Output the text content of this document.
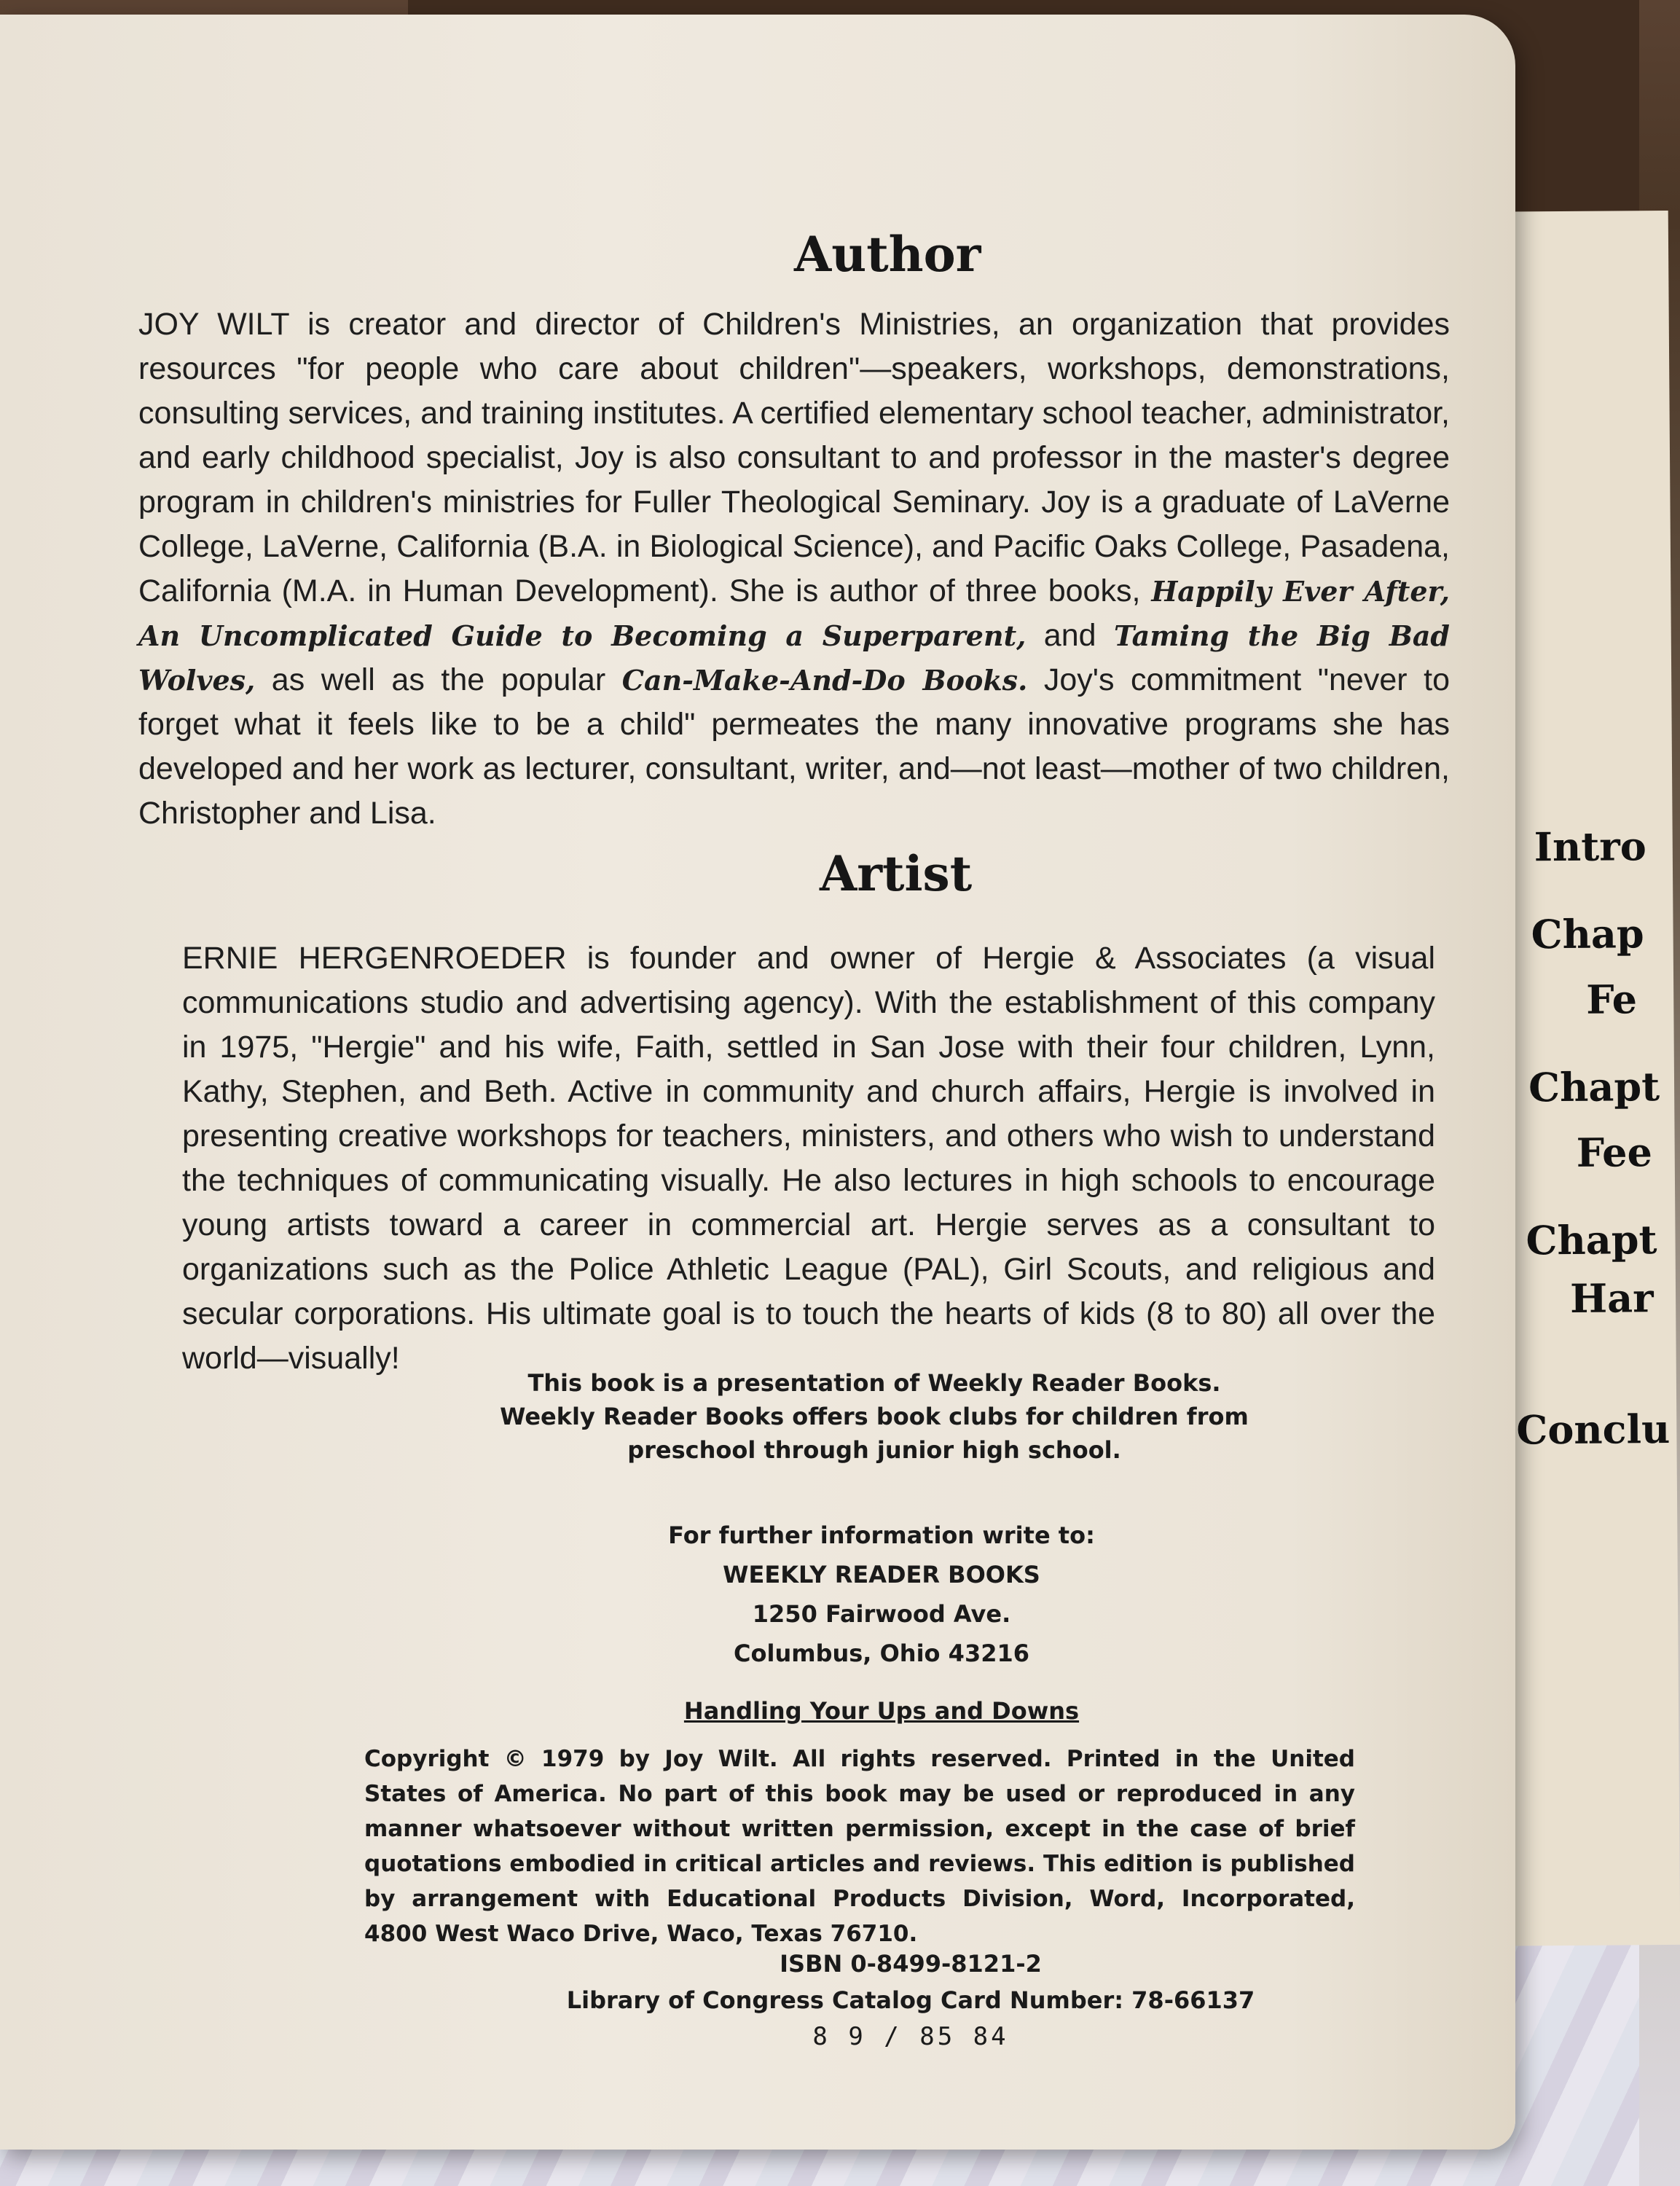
Intro
Chap
Fe
Chapt
Fee
Chapt
Har
Conclu
Author

JOY WILT is creator and director of Children's Ministries, an organization that provides resources "for people who care about children"—speakers, workshops, demonstrations, consulting services, and training institutes. A certified elementary school teacher, administrator, and early childhood specialist, Joy is also consultant to and professor in the master's degree program in children's ministries for Fuller Theological Seminary. Joy is a graduate of LaVerne College, LaVerne, California (B.A. in Biological Science), and Pacific Oaks College, Pasadena, California (M.A. in Human Development). She is author of three books, Happily Ever After, An Uncomplicated Guide to Becoming a Superparent, and Taming the Big Bad Wolves, as well as the popular Can-Make-And-Do Books. Joy's commitment "never to forget what it feels like to be a child" permeates the many innovative programs she has developed and her work as lecturer, consultant, writer, and—not least—mother of two children, Christopher and Lisa.

Artist

ERNIE HERGENROEDER is founder and owner of Hergie & Associates (a visual communications studio and advertising agency). With the establishment of this company in 1975, "Hergie" and his wife, Faith, settled in San Jose with their four children, Lynn, Kathy, Stephen, and Beth. Active in community and church affairs, Hergie is involved in presenting creative workshops for teachers, ministers, and others who wish to understand the techniques of communicating visually. He also lectures in high schools to encourage young artists toward a career in commercial art. Hergie serves as a consultant to organizations such as the Police Athletic League (PAL), Girl Scouts, and religious and secular corporations. His ultimate goal is to touch the hearts of kids (8 to 80) all over the world—visually!

This book is a presentation of Weekly Reader Books.
Weekly Reader Books offers book clubs for children from
preschool through junior high school.
For further information write to:
WEEKLY READER BOOKS
1250 Fairwood Ave.
Columbus, Ohio 43216
Handling Your Ups and Downs

Copyright © 1979 by Joy Wilt. All rights reserved. Printed in the United States of America. No part of this book may be used or reproduced in any manner whatsoever without written permission, except in the case of brief quotations embodied in critical articles and reviews. This edition is published by arrangement with Educational Products Division, Word, Incorporated, 4800 West Waco Drive, Waco, Texas 76710.

ISBN 0-8499-8121-2
Library of Congress Catalog Card Number: 78-66137
8 9 / 85 84
